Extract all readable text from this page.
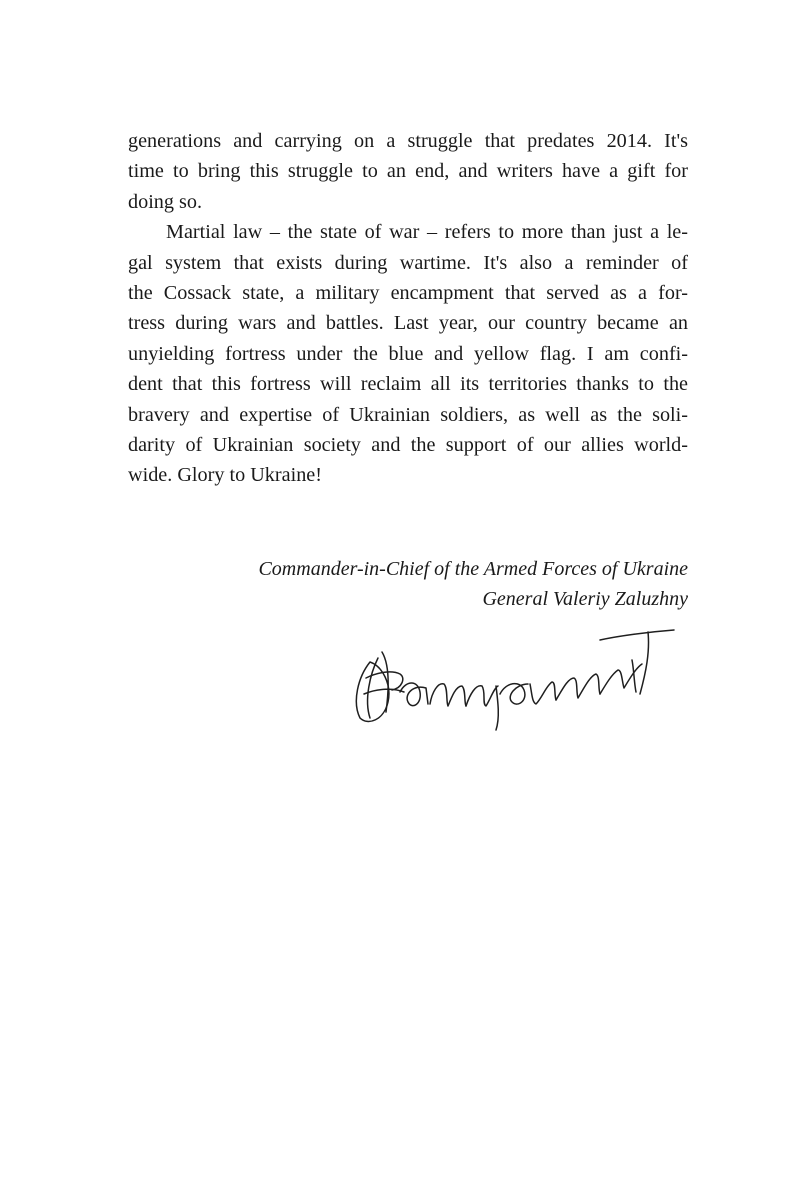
generations and carrying on a struggle that predates 2014. It's
time to bring this struggle to an end, and writers have a gift for
doing so.
Martial law – the state of war – refers to more than just a le-
gal system that exists during wartime. It's also a reminder of
the Cossack state, a military encampment that served as a for-
tress during wars and battles. Last year, our country became an
unyielding fortress under the blue and yellow flag. I am confi-
dent that this fortress will reclaim all its territories thanks to the
bravery and expertise of Ukrainian soldiers, as well as the soli-
darity of Ukrainian society and the support of our allies world-
wide. Glory to Ukraine!
Commander-in-Chief of the Armed Forces of Ukraine
General Valeriy Zaluzhny
